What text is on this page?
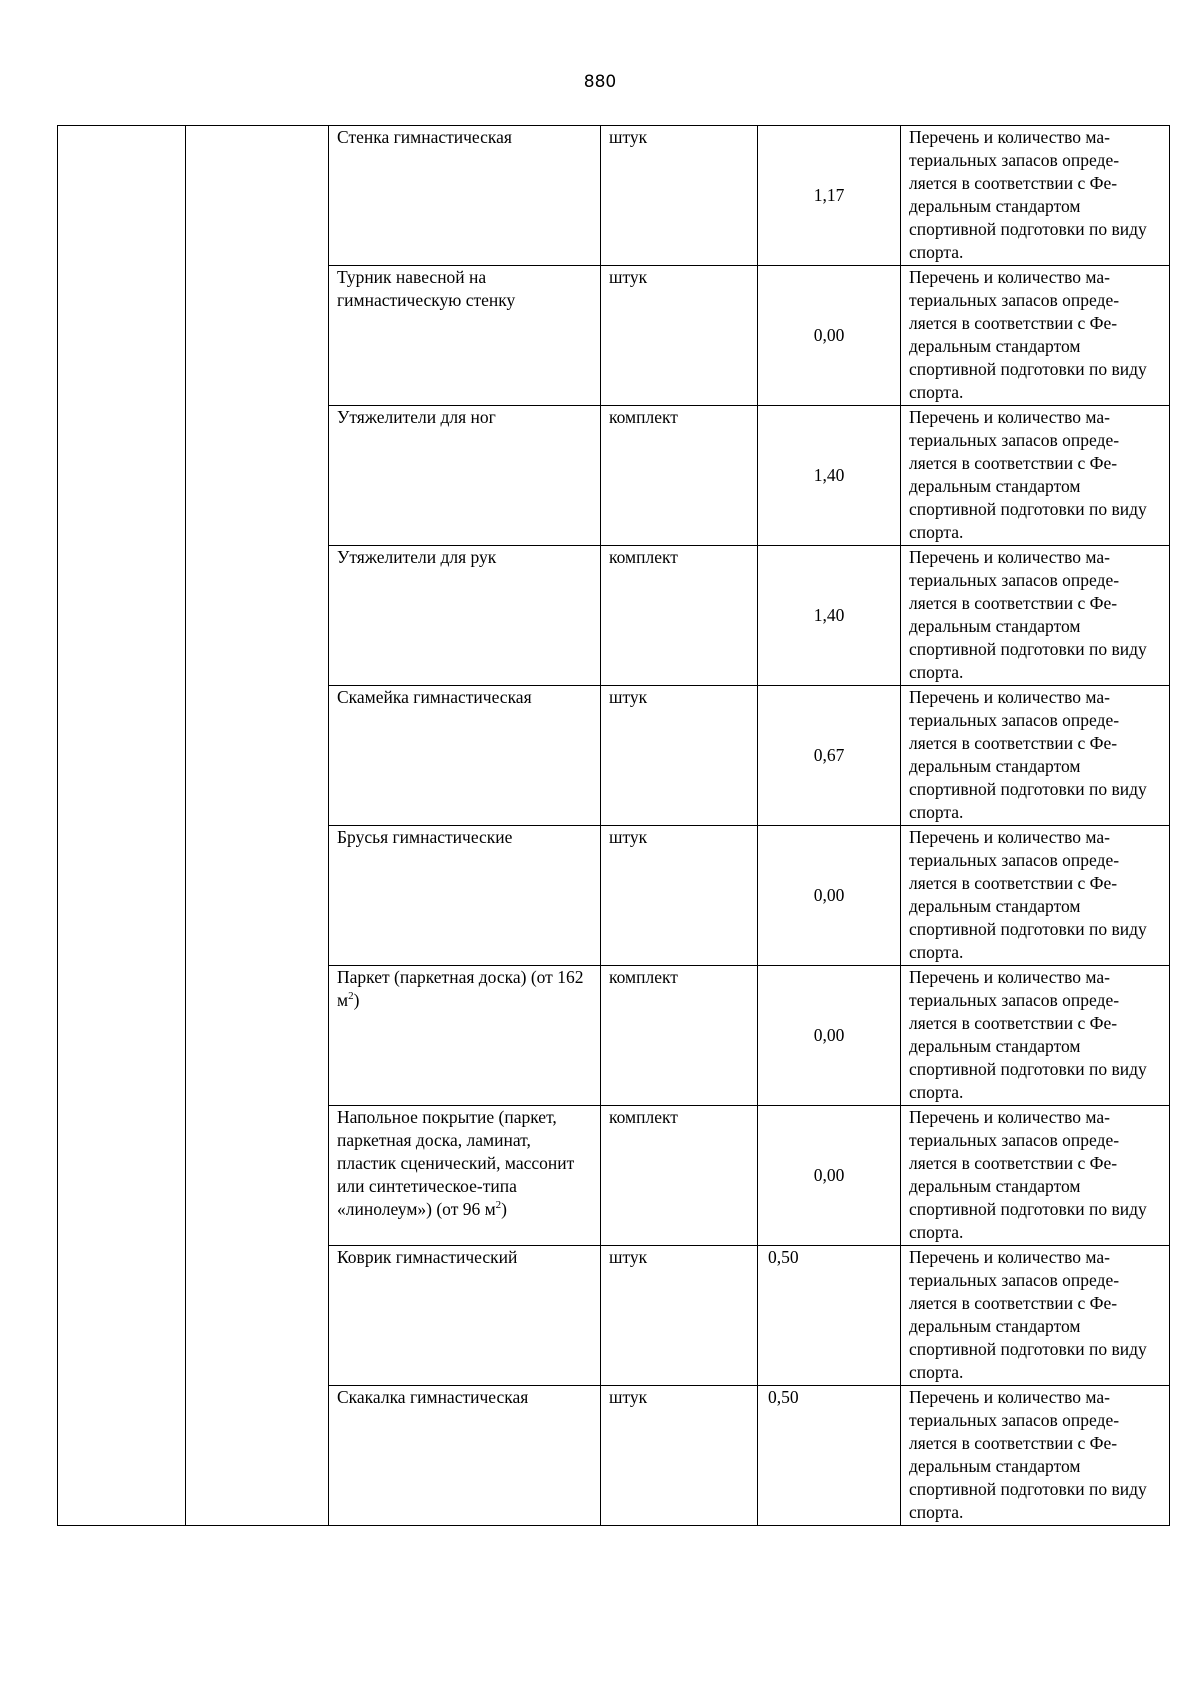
880
		Стенка гимнастическая	штук	1,17	Перечень и количество ма-териальных запасов опреде-ляется в соответствии с Фе-деральным стандартом спортивной подготовки по виду спорта.
		Турник навесной на гимнастическую стенку	штук	0,00	Перечень и количество ма-териальных запасов опреде-ляется в соответствии с Фе-деральным стандартом спортивной подготовки по виду спорта.
		Утяжелители для ног	комплект	1,40	Перечень и количество ма-териальных запасов опреде-ляется в соответствии с Фе-деральным стандартом спортивной подготовки по виду спорта.
		Утяжелители для рук	комплект	1,40	Перечень и количество ма-териальных запасов опреде-ляется в соответствии с Фе-деральным стандартом спортивной подготовки по виду спорта.
		Скамейка гимнастическая	штук	0,67	Перечень и количество ма-териальных запасов опреде-ляется в соответствии с Фе-деральным стандартом спортивной подготовки по виду спорта.
		Брусья гимнастические	штук	0,00	Перечень и количество ма-териальных запасов опреде-ляется в соответствии с Фе-деральным стандартом спортивной подготовки по виду спорта.
		Паркет (паркетная доска) (от 162 $м^2$)	комплект	0,00	Перечень и количество ма-териальных запасов опреде-ляется в соответствии с Фе-деральным стандартом спортивной подготовки по виду спорта.
		Напольное покрытие (паркет, паркетная доска, ламинат, пластик сценический, массонит или синтетическое-типа «линолеум») (от 96 $м^2$)	комплект	0,00	Перечень и количество ма-териальных запасов опреде-ляется в соответствии с Фе-деральным стандартом спортивной подготовки по виду спорта.
		Коврик гимнастический	штук	0,50	Перечень и количество ма-териальных запасов опреде-ляется в соответствии с Фе-деральным стандартом спортивной подготовки по виду спорта.
		Скакалка гимнастическая	штук	0,50	Перечень и количество ма-териальных запасов опреде-ляется в соответствии с Фе-деральным стандартом спортивной подготовки по виду спорта.
